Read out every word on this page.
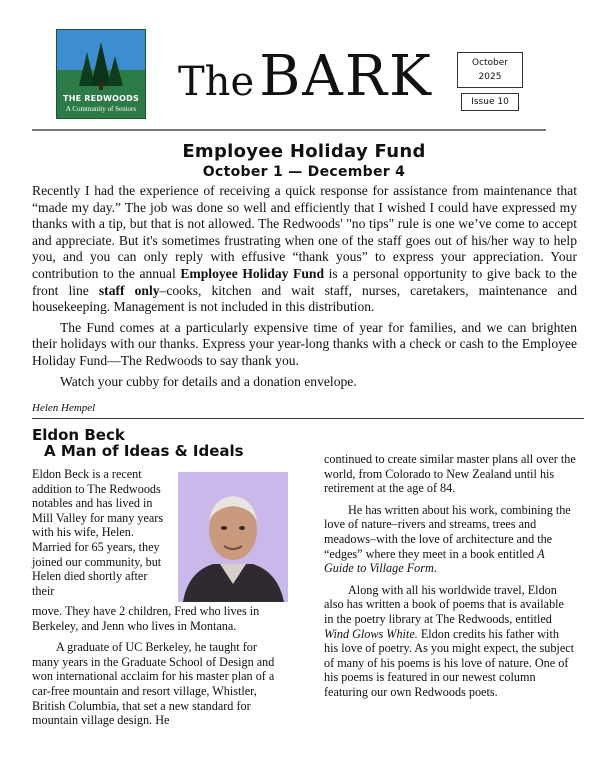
THE REDWOODS
A Community of Seniors
The BARK	October
2025
Issue 10
Employee Holiday Fund
October 1 — December 4

Recently I had the experience of receiving a quick response for assistance from maintenance that “made my day.” The job was done so well and efficiently that I wished I could have expressed my thanks with a tip, but that is not allowed. The Redwoods' "no tips" rule is one we’ve come to accept and appreciate. But it's sometimes frustrating when one of the staff goes out of his/her way to help you, and you can only reply with effusive “thank yous” to express your appreciation. Your contribution to the annual Employee Holiday Fund is a personal opportunity to give back to the front line staff only–cooks, kitchen and wait staff, nurses, caretakers, maintenance and housekeeping. Management is not included in this distribution.

The Fund comes at a particularly expensive time of year for families, and we can brighten their holidays with our thanks. Express your year-long thanks with a check or cash to the Employee Holiday Fund—The Redwoods to say thank you.

Watch your cubby for details and a donation envelope.

Helen Hempel
Eldon Beck
A Man of Ideas & Ideals

Eldon Beck is a recent addition to The Redwoods notables and has lived in Mill Valley for many years with his wife, Helen. Married for 65 years, they joined our community, but Helen died shortly after their

move. They have 2 children, Fred who lives in Berkeley, and Jenn who lives in Montana.

A graduate of UC Berkeley, he taught for many years in the Graduate School of Design and won international acclaim for his master plan of a car-free mountain and resort village, Whistler, British Columbia, that set a new standard for mountain village design. He

continued to create similar master plans all over the world, from Colorado to New Zealand until his retirement at the age of 84.

He has written about his work, combining the love of nature–rivers and streams, trees and meadows–with the love of architecture and the “edges” where they meet in a book entitled A Guide to Village Form.

Along with all his worldwide travel, Eldon also has written a book of poems that is available in the poetry library at The Redwoods, entitled Wind Glows White. Eldon credits his father with his love of poetry. As you might expect, the subject of many of his poems is his love of nature. One of his poems is featured in our newest column featuring our own Redwoods poets.
